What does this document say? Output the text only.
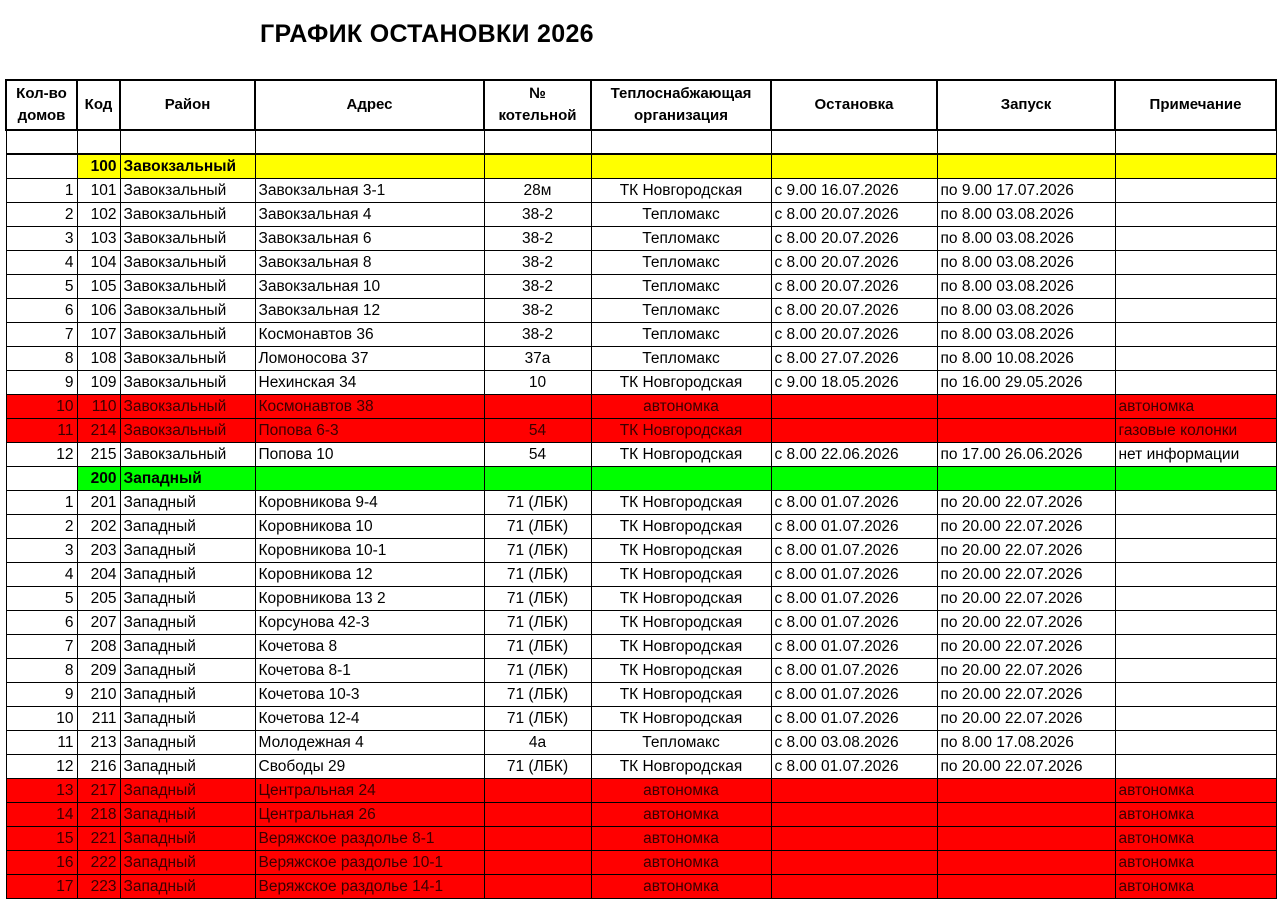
ГРАФИК ОСТАНОВКИ 2026
Кол-во
домов	Код	Район	Адрес	№
котельной	Теплоснабжающая
организация	Остановка	Запуск	Примечание

	100	Завокзальный						
1	101	Завокзальный	Завокзальная 3-1	28м	ТК Новгородская	с 9.00 16.07.2026	по 9.00 17.07.2026	
2	102	Завокзальный	Завокзальная 4	38-2	Тепломакс	с 8.00 20.07.2026	по 8.00 03.08.2026	
3	103	Завокзальный	Завокзальная 6	38-2	Тепломакс	с 8.00 20.07.2026	по 8.00 03.08.2026	
4	104	Завокзальный	Завокзальная 8	38-2	Тепломакс	с 8.00 20.07.2026	по 8.00 03.08.2026	
5	105	Завокзальный	Завокзальная 10	38-2	Тепломакс	с 8.00 20.07.2026	по 8.00 03.08.2026	
6	106	Завокзальный	Завокзальная 12	38-2	Тепломакс	с 8.00 20.07.2026	по 8.00 03.08.2026	
7	107	Завокзальный	Космонавтов 36	38-2	Тепломакс	с 8.00 20.07.2026	по 8.00 03.08.2026	
8	108	Завокзальный	Ломоносова 37	37а	Тепломакс	с 8.00 27.07.2026	по 8.00 10.08.2026	
9	109	Завокзальный	Нехинская 34	10	ТК Новгородская	с 9.00 18.05.2026	по 16.00 29.05.2026	
10	110	Завокзальный	Космонавтов 38		автономка			автономка
11	214	Завокзальный	Попова 6-3	54	ТК Новгородская			газовые колонки
12	215	Завокзальный	Попова 10	54	ТК Новгородская	с 8.00 22.06.2026	по 17.00 26.06.2026	нет информации
	200	Западный						
1	201	Западный	Коровникова 9-4	71 (ЛБК)	ТК Новгородская	с 8.00 01.07.2026	по 20.00 22.07.2026	
2	202	Западный	Коровникова 10	71 (ЛБК)	ТК Новгородская	с 8.00 01.07.2026	по 20.00 22.07.2026	
3	203	Западный	Коровникова 10-1	71 (ЛБК)	ТК Новгородская	с 8.00 01.07.2026	по 20.00 22.07.2026	
4	204	Западный	Коровникова 12	71 (ЛБК)	ТК Новгородская	с 8.00 01.07.2026	по 20.00 22.07.2026	
5	205	Западный	Коровникова 13 2	71 (ЛБК)	ТК Новгородская	с 8.00 01.07.2026	по 20.00 22.07.2026	
6	207	Западный	Корсунова 42-3	71 (ЛБК)	ТК Новгородская	с 8.00 01.07.2026	по 20.00 22.07.2026	
7	208	Западный	Кочетова 8	71 (ЛБК)	ТК Новгородская	с 8.00 01.07.2026	по 20.00 22.07.2026	
8	209	Западный	Кочетова 8-1	71 (ЛБК)	ТК Новгородская	с 8.00 01.07.2026	по 20.00 22.07.2026	
9	210	Западный	Кочетова 10-3	71 (ЛБК)	ТК Новгородская	с 8.00 01.07.2026	по 20.00 22.07.2026	
10	211	Западный	Кочетова 12-4	71 (ЛБК)	ТК Новгородская	с 8.00 01.07.2026	по 20.00 22.07.2026	
11	213	Западный	Молодежная 4	4а	Тепломакс	с 8.00 03.08.2026	по 8.00 17.08.2026	
12	216	Западный	Свободы 29	71 (ЛБК)	ТК Новгородская	с 8.00 01.07.2026	по 20.00 22.07.2026	
13	217	Западный	Центральная 24		автономка			автономка
14	218	Западный	Центральная 26		автономка			автономка
15	221	Западный	Веряжское раздолье 8-1		автономка			автономка
16	222	Западный	Веряжское раздолье 10-1		автономка			автономка
17	223	Западный	Веряжское раздолье 14-1		автономка			автономка
